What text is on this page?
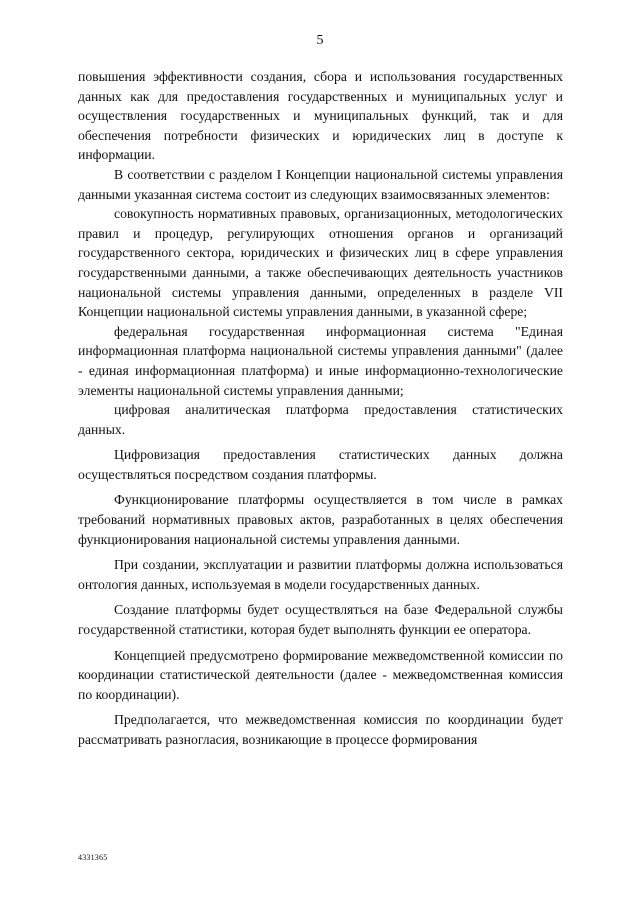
5

повышения эффективности создания, сбора и использования государственных данных как для предоставления государственных и муниципальных услуг и осуществления государственных и муниципальных функций, так и для обеспечения потребности физических и юридических лиц в доступе к информации.

В соответствии с разделом I Концепции национальной системы управления данными указанная система состоит из следующих взаимосвязанных элементов:

совокупность нормативных правовых, организационных, методологических правил и процедур, регулирующих отношения органов и организаций государственного сектора, юридических и физических лиц в сфере управления государственными данными, а также обеспечивающих деятельность участников национальной системы управления данными, определенных в разделе VII Концепции национальной системы управления данными, в указанной сфере;

федеральная государственная информационная система "Единая информационная платформа национальной системы управления данными" (далее - единая информационная платформа) и иные информационно-технологические элементы национальной системы управления данными;

цифровая аналитическая платформа предоставления статистических данных.

Цифровизация предоставления статистических данных должна осуществляться посредством создания платформы.

Функционирование платформы осуществляется в том числе в рамках требований нормативных правовых актов, разработанных в целях обеспечения функционирования национальной системы управления данными.

При создании, эксплуатации и развитии платформы должна использоваться онтология данных, используемая в модели государственных данных.

Создание платформы будет осуществляться на базе Федеральной службы государственной статистики, которая будет выполнять функции ее оператора.

Концепцией предусмотрено формирование межведомственной комиссии по координации статистической деятельности (далее - межведомственная комиссия по координации).

Предполагается, что межведомственная комиссия по координации будет рассматривать разногласия, возникающие в процессе формирования

4331365
